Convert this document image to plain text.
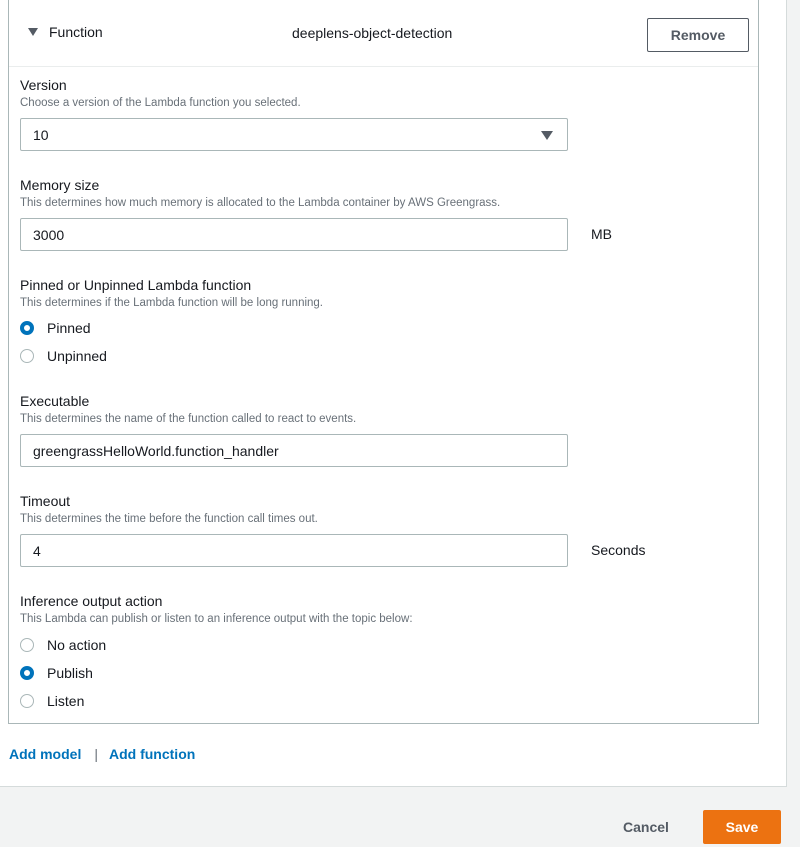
Function	deeplens-object-detection	Remove
Version
Choose a version of the Lambda function you selected.
10
Memory size
This determines how much memory is allocated to the Lambda container by AWS Greengrass.
3000
MB
Pinned or Unpinned Lambda function
This determines if the Lambda function will be long running.
Pinned
Unpinned
Executable
This determines the name of the function called to react to events.
greengrassHelloWorld.function_handler
Timeout
This determines the time before the function call times out.
4
Seconds
Inference output action
This Lambda can publish or listen to an inference output with the topic below:
No action
Publish
Listen
Add model | Add function
Cancel	Save
